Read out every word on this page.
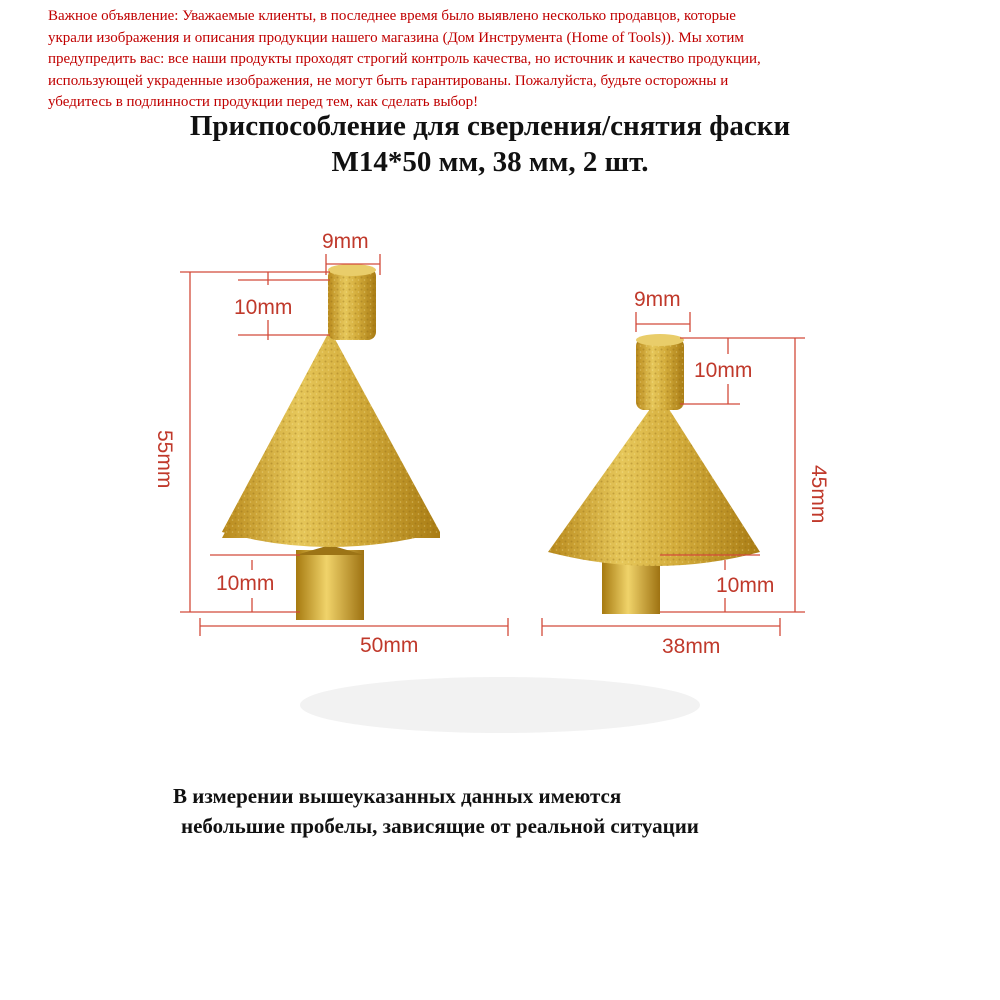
Важное объявление: Уважаемые клиенты, в последнее время было выявлено несколько продавцов, которые
украли изображения и описания продукции нашего магазина (Дом Инструмента (Home of Tools)). Мы хотим
предупредить вас: все наши продукты проходят строгий контроль качества, но источник и качество продукции,
использующей украденные изображения, не могут быть гарантированы. Пожалуйста, будьте осторожны и
убедитесь в подлинности продукции перед тем, как сделать выбор!
Приспособление для сверления/снятия фаски
M14*50 мм, 38 мм, 2 шт.
9mm
10mm
10mm
50mm
55mm
9mm
10mm
10mm
38mm
45mm
В измерении вышеуказанных данных имеются
небольшие пробелы, зависящие от реальной ситуации
